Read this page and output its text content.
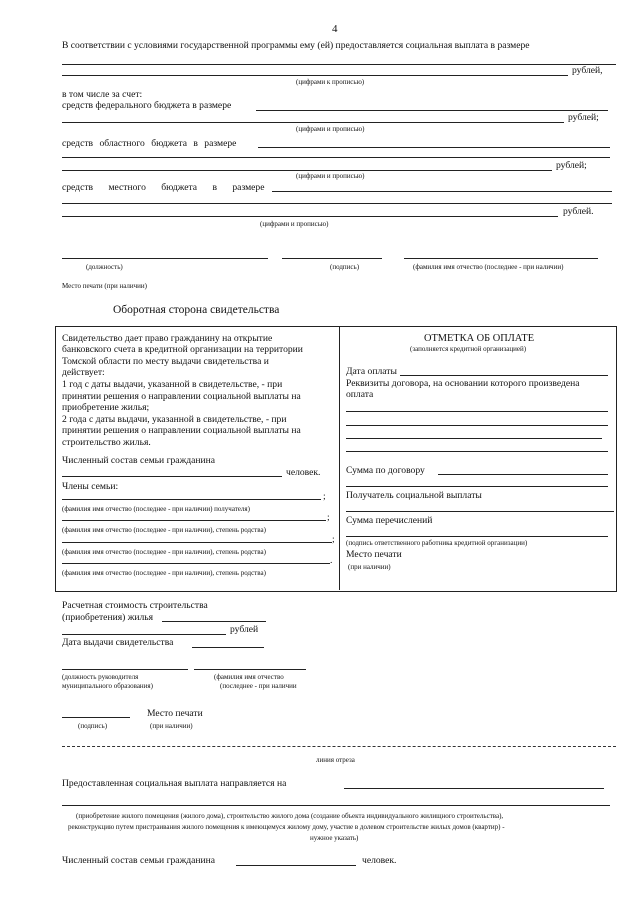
4
В соответствии с условиями государственной программы ему (ей) предоставляется социальная выплата в размере
рублей,
(цифрами к прописью)
в том числе за счет:
средств федерального бюджета в размере
рублей;
(цифрами и прописью)
средств областного бюджета в размере
рублей;
(цифрами и прописью)
средств местного бюджета в размере
рублей.
(цифрами и прописью)
(должность)	(подпись)	(фамилия имя отчество (последнее - при наличии)
Место печати (при наличии)
Оборотная сторона свидетельства
Свидетельство дает право гражданину на открытие
банковского счета в кредитной организации на территории
Томской области по месту выдачи свидетельства и
действует:
1 год с даты выдачи, указанной в свидетельстве, - при
принятии решения о направлении социальной выплаты на
приобретение жилья;
2 года с даты выдачи, указанной в свидетельстве, - при
принятии решения о направлении социальной выплаты на
строительство жилья.
Численный состав семьи гражданина
человек.
Члены семьи:
;
(фамилия имя отчество (последнее - при наличии) получателя)
;
(фамилия имя отчество (последнее - при наличии), степень родства)
;
(фамилия имя отчество (последнее - при наличии), степень родства)
.
(фамилия имя отчество (последнее - при наличии), степень родства)
ОТМЕТКА ОБ ОПЛАТЕ
(заполняется кредитной организацией)
Дата оплаты
Реквизиты договора, на основании которого произведена
оплата
Сумма по договору
Получатель социальной выплаты
Сумма перечислений
(подпись ответственного работника кредитной организации)
Место печати
(при наличии)
Расчетная стоимость строительства
(приобретения) жилья
рублей
Дата выдачи свидетельства
(должность руководителя
муниципального образования)
(фамилия имя отчество
(последнее - при наличии
Место печати
(подпись)	(при наличии)
линия отреза
Предоставленная социальная выплата направляется на
(приобретение жилого помещения (жилого дома), строительство жилого дома (создание объекта индивидуального жилищного строительства),
реконструкцию путем пристраивания жилого помещения к имеющемуся жилому дому, участие в долевом строительстве жилых домов (квартир) -
нужное указать)
Численный состав семьи гражданина	человек.
